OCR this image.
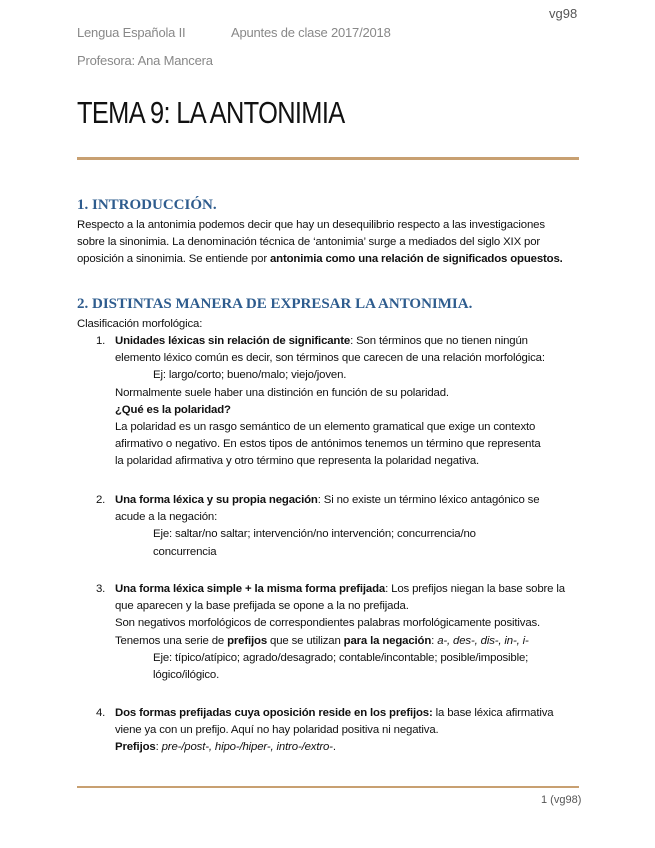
vg98
Lengua Española II	Apuntes de clase 2017/2018
Profesora: Ana Mancera
TEMA 9: LA ANTONIMIA
1. INTRODUCCIÓN.
Respecto a la antonimia podemos decir que hay un desequilibrio respecto a las investigaciones
sobre la sinonimia. La denominación técnica de ‘antonimia’ surge a mediados del siglo XIX por
oposición a sinonimia. Se entiende por antonimia como una relación de significados opuestos.
2. DISTINTAS MANERA DE EXPRESAR LA ANTONIMIA.
Clasificación morfológica:
1. Unidades léxicas sin relación de significante: Son términos que no tienen ningún
elemento léxico común es decir, son términos que carecen de una relación morfológica:
Ej: largo/corto; bueno/malo; viejo/joven.
Normalmente suele haber una distinción en función de su polaridad.
¿Qué es la polaridad?
La polaridad es un rasgo semántico de un elemento gramatical que exige un contexto
afirmativo o negativo. En estos tipos de antónimos tenemos un término que representa
la polaridad afirmativa y otro término que representa la polaridad negativa.
2. Una forma léxica y su propia negación: Si no existe un término léxico antagónico se
acude a la negación:
Eje: saltar/no saltar; intervención/no intervención; concurrencia/no
concurrencia
3. Una forma léxica simple + la misma forma prefijada: Los prefijos niegan la base sobre la
que aparecen y la base prefijada se opone a la no prefijada.
Son negativos morfológicos de correspondientes palabras morfológicamente positivas.
Tenemos una serie de prefijos que se utilizan para la negación: a-, des-, dis-, in-, i-
Eje: típico/atípico; agrado/desagrado; contable/incontable; posible/imposible;
lógico/ilógico.
4. Dos formas prefijadas cuya oposición reside en los prefijos: la base léxica afirmativa
viene ya con un prefijo. Aquí no hay polaridad positiva ni negativa.
Prefijos: pre-/post-, hipo-/hiper-, intro-/extro-.
1 (vg98)
